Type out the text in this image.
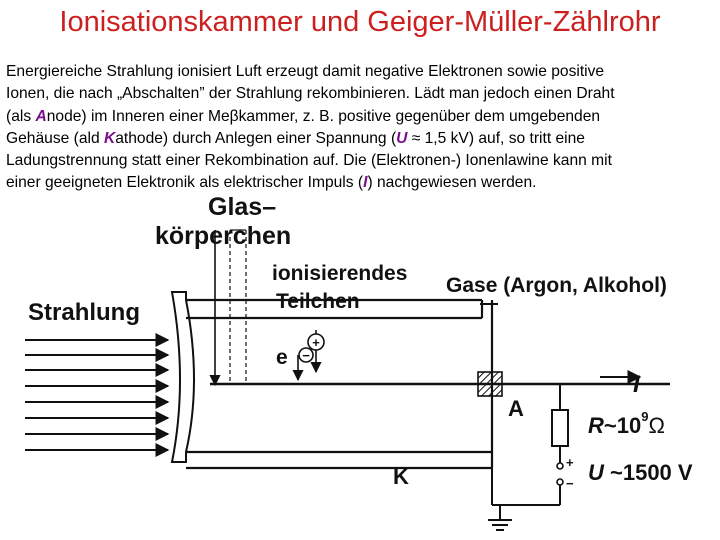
Ionisationskammer und Geiger-Müller-Zählrohr

Energiereiche Strahlung ionisiert Luft erzeugt damit negative Elektronen sowie positive
Ionen, die nach „Abschalten” der Strahlung rekombinieren. Lädt man jedoch einen Draht
(als Anode) im Inneren einer Meβkammer, z. B. positive gegenüber dem umgebenden
Gehäuse (ald Kathode) durch Anlegen einer Spannung (U ≈ 1,5 kV) auf, so tritt eine
Ladungstrennung statt einer Rekombination auf. Die (Elektronen-) Ionenlawine kann mit
einer geeigneten Elektronik als elektrischer Impuls (I) nachgewiesen werden.

+
−
+
−
Glas–
körperchen
ionisierendes
Teilchen
Strahlung
Gase (Argon, Alkohol)
e
I
A
K
$R\sim 10^9\Omega$
U ~1500 V
